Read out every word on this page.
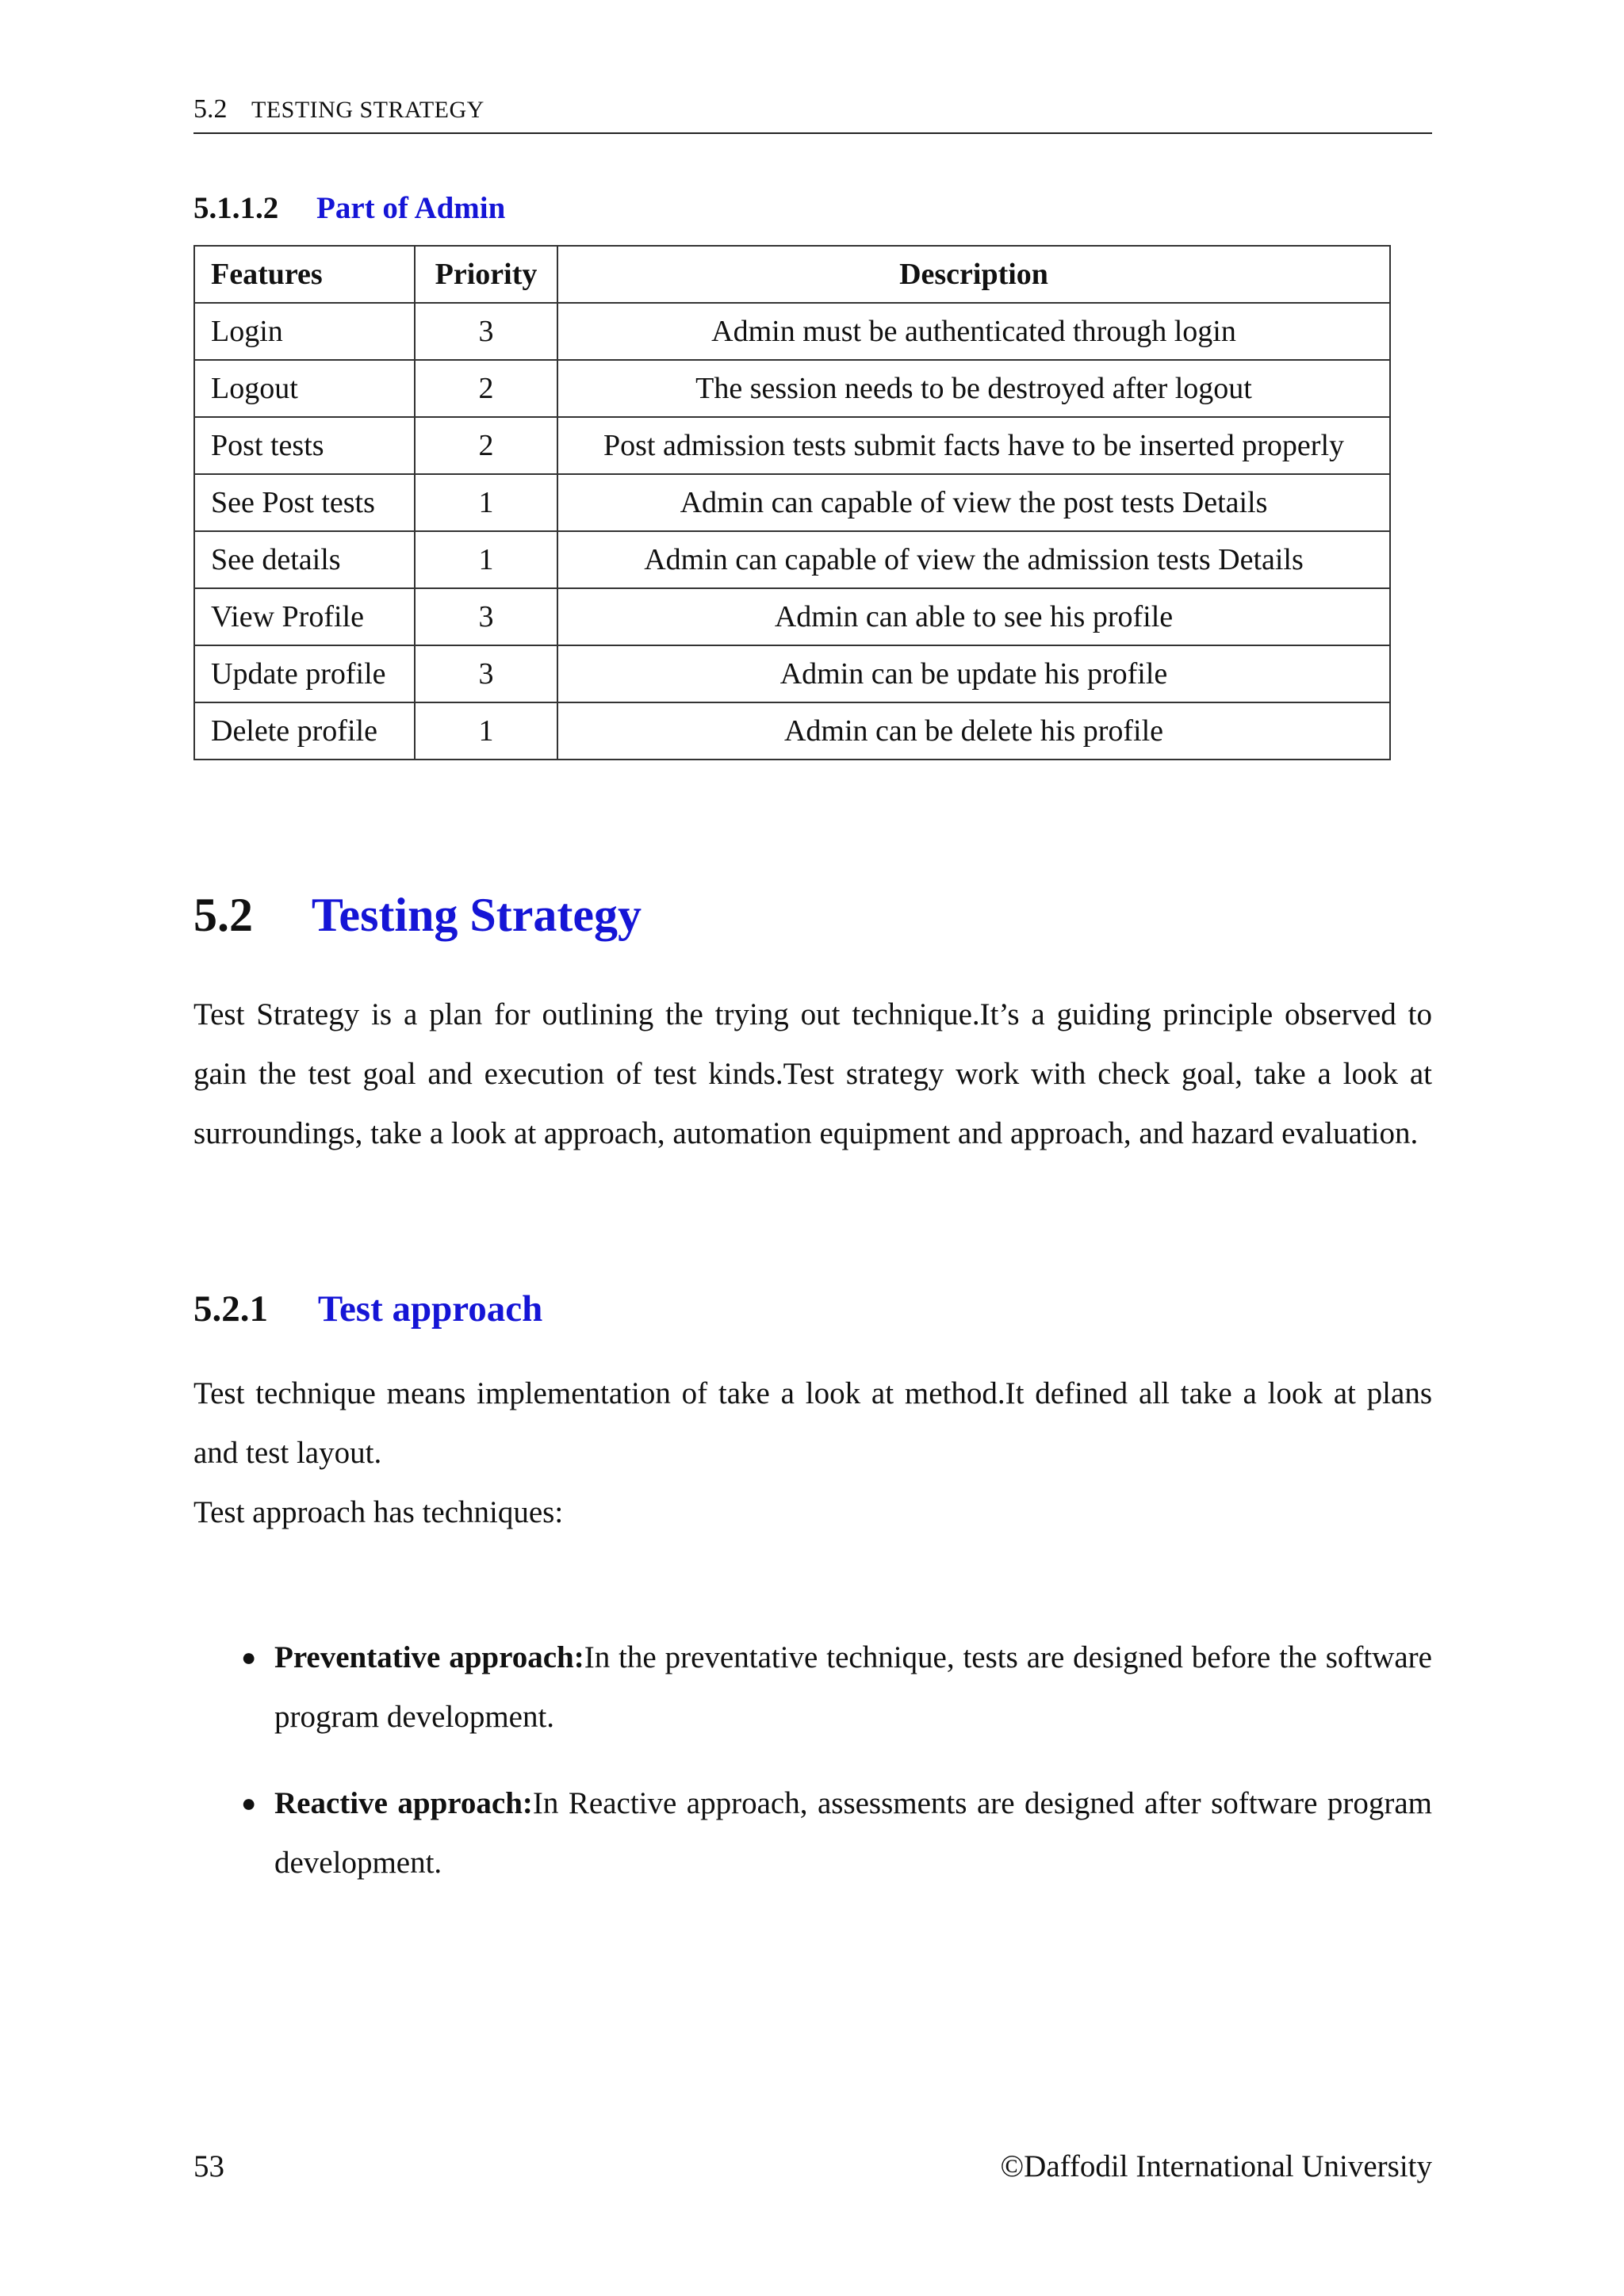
5.2 TESTING STRATEGY
5.1.1.2 Part of Admin
Features	Priority	Description
Login	3	Admin must be authenticated through login
Logout	2	The session needs to be destroyed after logout
Post tests	2	Post admission tests submit facts have to be inserted properly
See Post tests	1	Admin can capable of view the post tests Details
See details	1	Admin can capable of view the admission tests Details
View Profile	3	Admin can able to see his profile
Update profile	3	Admin can be update his profile
Delete profile	1	Admin can be delete his profile
5.2 Testing Strategy

Test Strategy is a plan for outlining the trying out technique.It’s a guiding principle observed to gain the test goal and execution of test kinds.Test strategy work with check goal, take a look at surroundings, take a look at approach, automation equipment and approach, and hazard evaluation.

5.2.1 Test approach
Test technique means implementation of take a look at method.It defined all take a look at plans and test layout.
Test approach has techniques:
● Preventative approach:In the preventative technique, tests are designed before the software program development.
● Reactive approach:In Reactive approach, assessments are designed after software program development.
53	©Daffodil International University
